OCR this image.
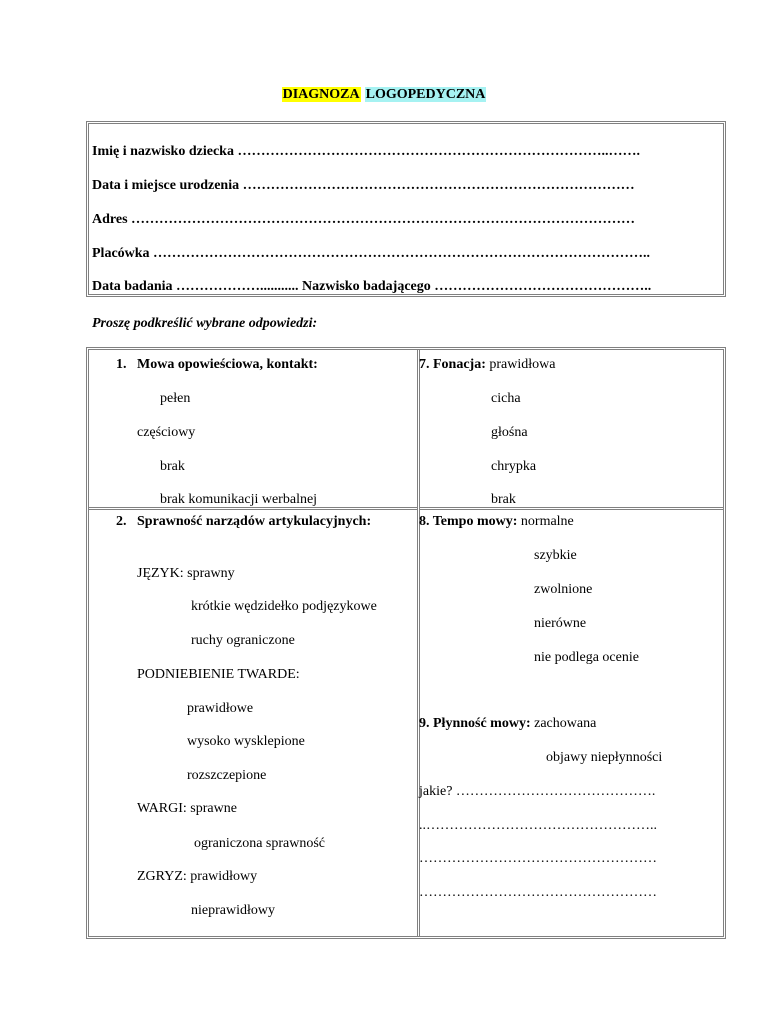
DIAGNOZA LOGOPEDYCZNA
Imię i nazwisko dziecka ……………………………………………………………………..…….
Data i miejsce urodzenia …………………………………………………………………………
Adres ………………………………………………………………………………………………
Placówka ……………………………………………………………………………………………..
Data badania ………………........... Nazwisko badającego ………………………………………..
Proszę podkreślić wybrane odpowiedzi:
1. Mowa opowieściowa, kontakt:
pełen
częściowy
brak
brak komunikacji werbalnej
7. Fonacja: prawidłowa
cicha
głośna
chrypka
brak
2. Sprawność narządów artykulacyjnych:
JĘZYK: sprawny
krótkie wędzidełko podjęzykowe
ruchy ograniczone
PODNIEBIENIE TWARDE:
prawidłowe
wysoko wysklepione
rozszczepione
WARGI: sprawne
ograniczona sprawność
ZGRYZ: prawidłowy
nieprawidłowy
8. Tempo mowy: normalne
szybkie
zwolnione
nierówne
nie podlega ocenie
9. Płynność mowy: zachowana
objawy niepłynności
jakie? …………………………………….
..…………………………………………..
……………………………………………
……………………………………………
